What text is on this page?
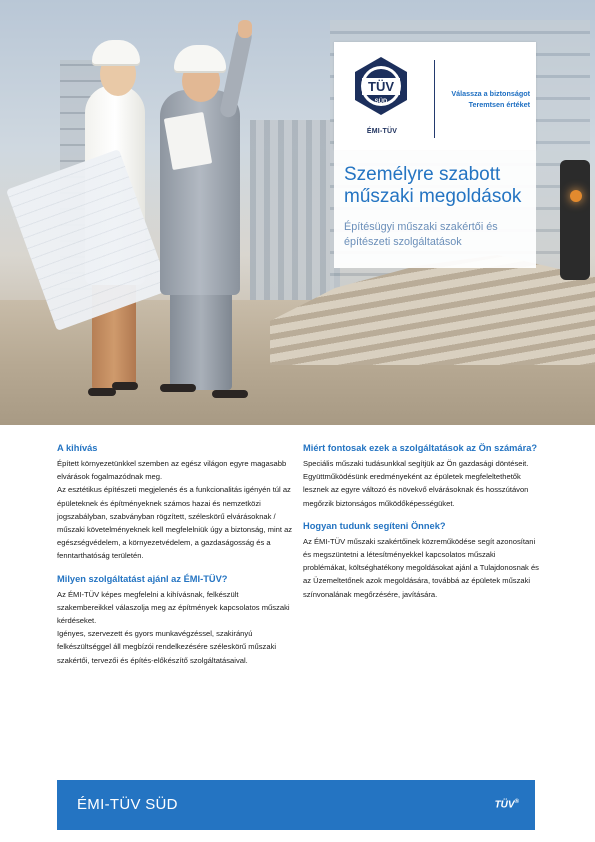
TÜV
SÜD
ÉMI-TÜV
Válassza a biztonságot
Teremtsen értéket
Személyre szabott
műszaki megoldások
Építésügyi műszaki szakértői és
építészeti szolgáltatások
A kihívás

Épített környezetünkkel szemben az egész világon egyre magasabb elvárások fogalmazódnak meg.

Az esztétikus építészeti megjelenés és a funkcionalitás igényén túl az épületeknek és építményeknek számos hazai és nemzetközi jogszabályban, szabványban rögzített, széleskörű elvárásoknak / műszaki követelményeknek kell megfelelniük úgy a biztonság, mint az egészségvédelem, a környezetvédelem, a gazdaságosság és a fenntarthatóság területén.

Milyen szolgáltatást ajánl az ÉMI-TÜV?

Az ÉMI-TÜV képes megfelelni a kihívásnak, felkészült szakembereikkel válaszolja meg az építmények kapcsolatos műszaki kérdéseket.

Igényes, szervezett és gyors munkavégzéssel, szakirányú felkészültséggel áll megbízói rendelkezésére széleskörű műszaki szakértői, tervezői és építés-előkészítő szolgáltatásaival.

Miért fontosak ezek a szolgáltatások az Ön számára?

Speciális műszaki tudásunkkal segítjük az Ön gazdasági döntéseit.

Együttműködésünk eredményeként az épületek megfeleltethetők lesznek az egyre változó és növekvő elvárásoknak és hosszútávon megőrzik biztonságos működőképességüket.

Hogyan tudunk segíteni Önnek?

Az ÉMI-TÜV műszaki szakértőinek közreműködése segít azonosítani és megszüntetni a létesítményekkel kapcsolatos műszaki problémákat, költséghatékony megoldásokat ajánl a Tulajdonosnak és az Üzemeltetőnek azok megoldására, továbbá az épületek műszaki színvonalának megőrzésére, javítására.

ÉMI-TÜV SÜD	TÜV®
